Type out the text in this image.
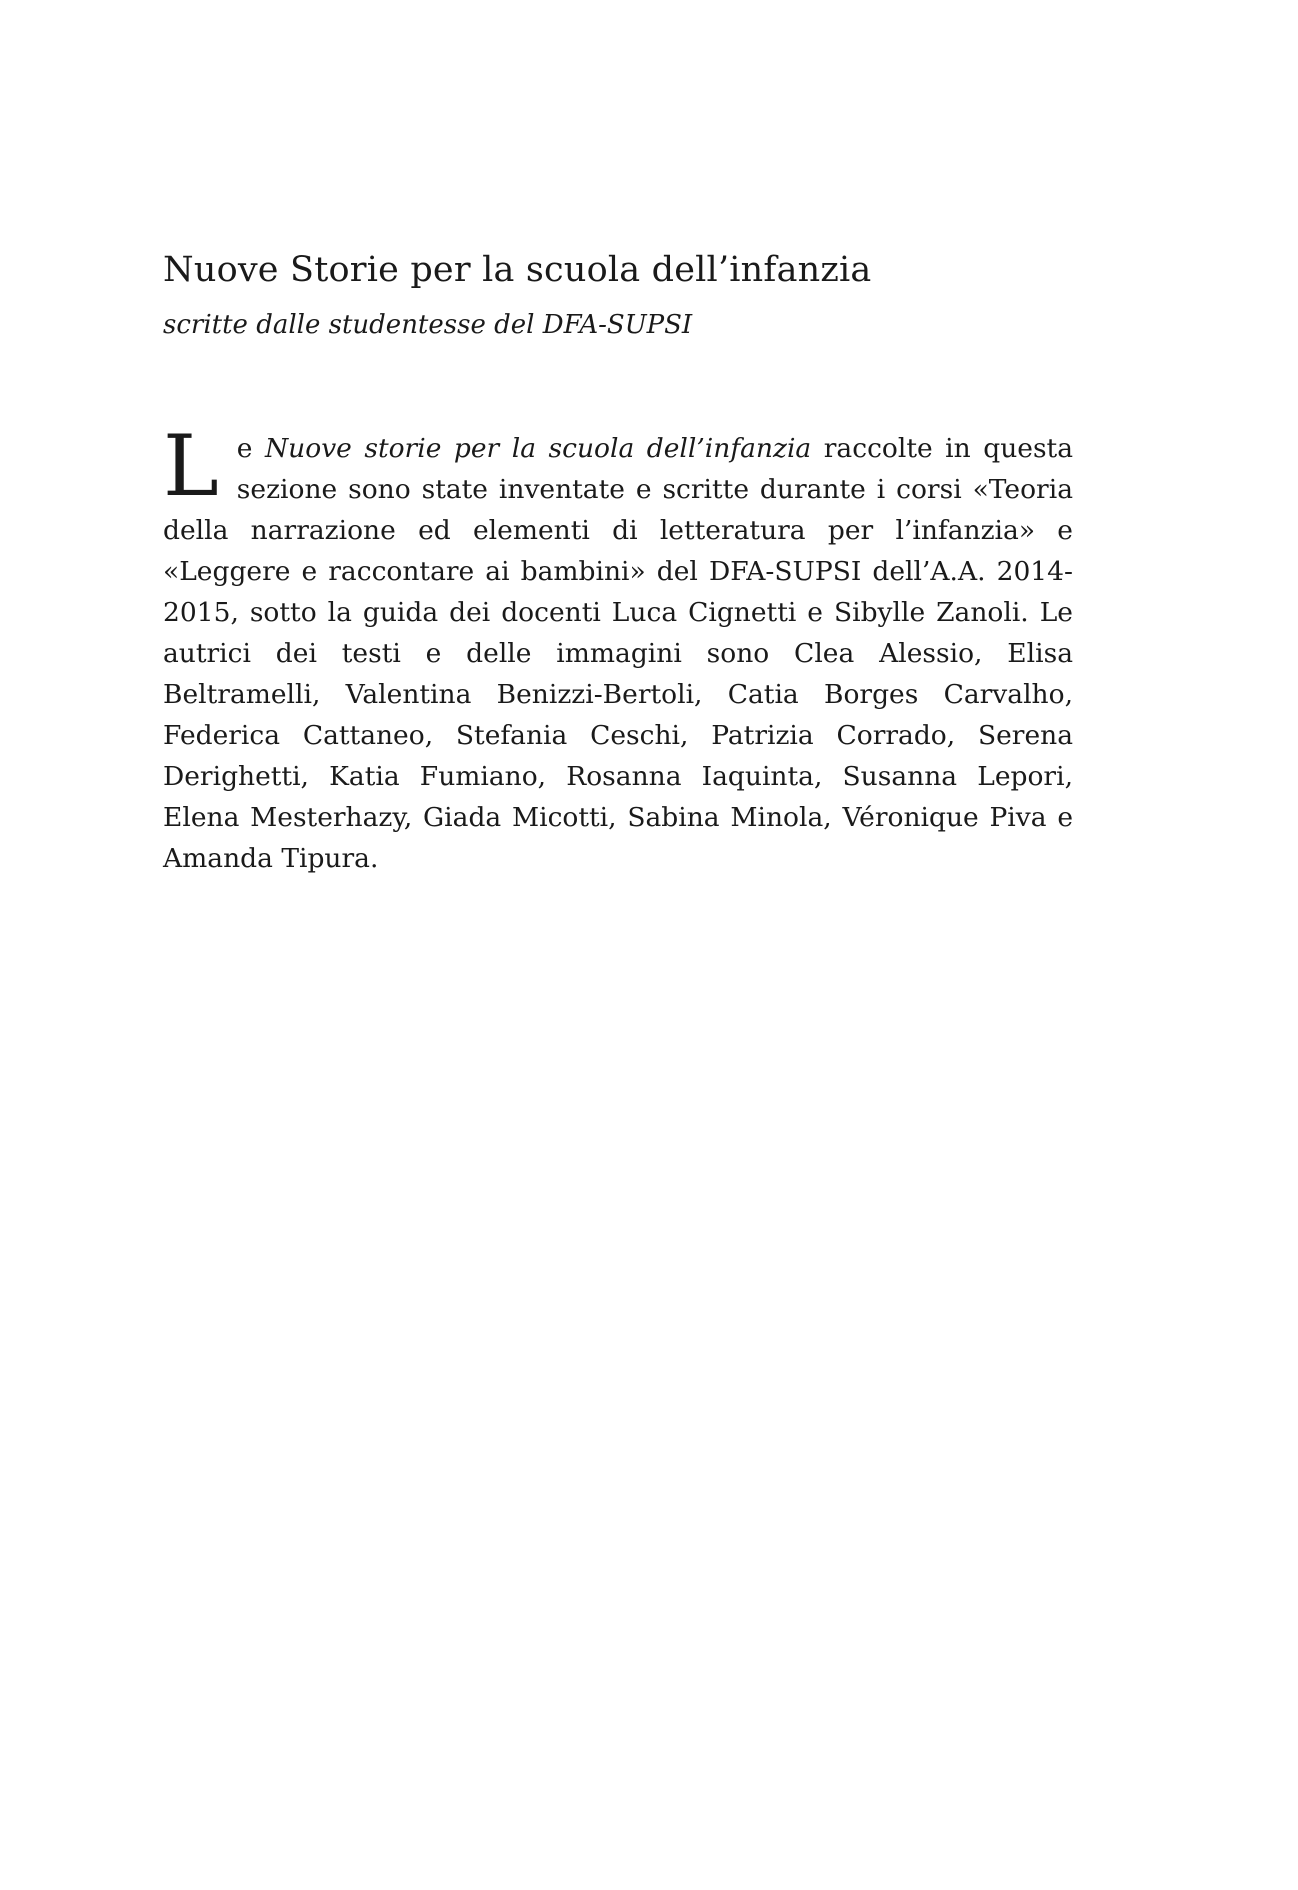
Nuove Storie per la scuola dell’infanzia

scritte dalle studentesse del DFA-SUPSI

Le Nuove storie per la scuola dell’infanzia raccolte in questa sezione sono state inventate e scritte durante i corsi «Teoria della narrazione ed elementi di letteratura per l’infanzia» e «Leggere e raccontare ai bambini» del DFA-SUPSI dell’A.A. 2014-2015, sotto la guida dei docenti Luca Cignetti e Sibylle Zanoli. Le autrici dei testi e delle immagini sono Clea Alessio, Elisa Beltramelli, Valentina Benizzi-Bertoli, Catia Borges Carvalho, Federica Cattaneo, Stefania Ceschi, Patrizia Corrado, Serena Derighetti, Katia Fumiano, Rosanna Iaquinta, Susanna Lepori, Elena Mesterhazy, Giada Micotti, Sabina Minola, Véronique Piva e Amanda Tipura.
